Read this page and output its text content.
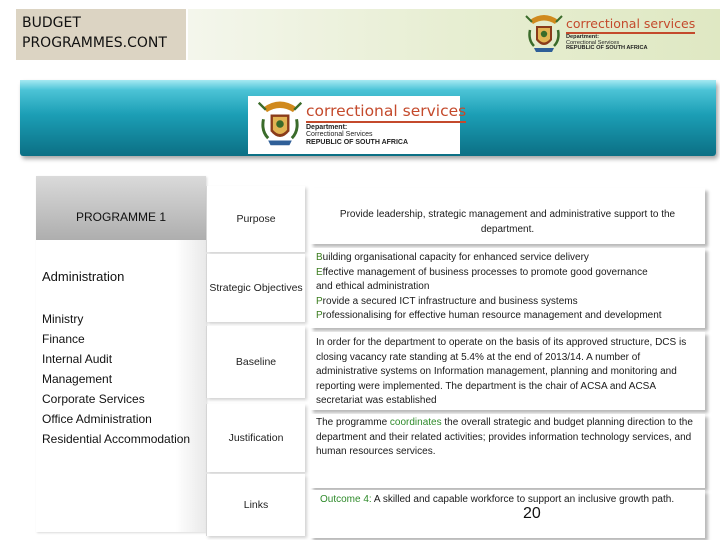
BUDGET
PROGRAMMES.CONT
correctional services
Department:
Correctional Services
REPUBLIC OF SOUTH AFRICA
correctional services
Department:
Correctional Services
REPUBLIC OF SOUTH AFRICA
PROGRAMME 1
Administration
Ministry
Finance
Internal Audit
Management
Corporate Services
Office Administration
Residential Accommodation
Purpose
Strategic Objectives
Baseline
Justification
Links
Provide leadership, strategic management and administrative support to the department.

Building organisational capacity for enhanced service delivery

Effective management of business processes to promote good governance

and ethical administration

Provide a secured ICT infrastructure and business systems

Professionalising for effective human resource management and development

In order for the department to operate on the basis of its approved structure, DCS is closing vacancy rate standing at 5.4% at the end of 2013/14. A number of administrative systems on Information management, planning and monitoring and reporting were implemented. The department is the chair of ACSA and ACSA secretariat was established
The programme coordinates the overall strategic and budget planning direction to the department and their related activities; provides information technology services, and human resources services.
Outcome 4: A skilled and capable workforce to support an inclusive growth path.
20
